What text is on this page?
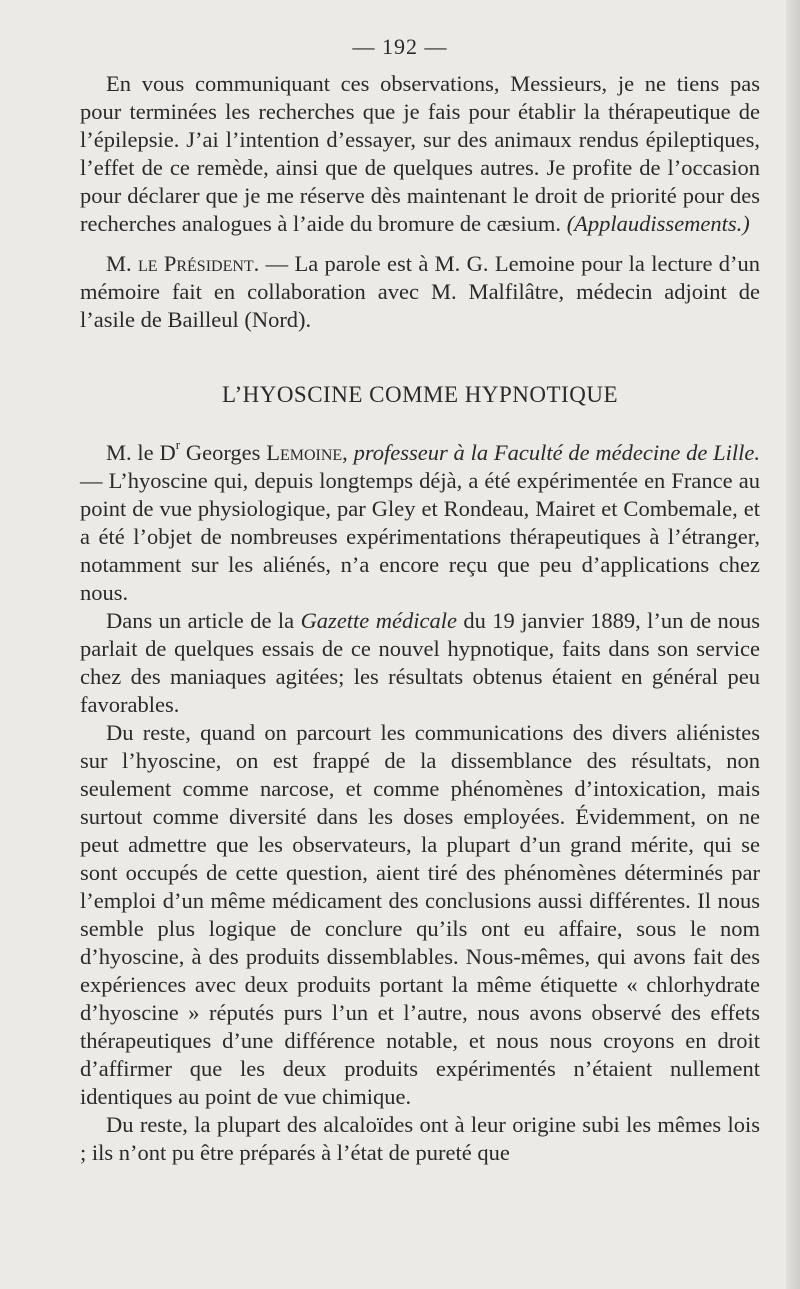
— 192 —

En vous communiquant ces observations, Messieurs, je ne tiens pas pour terminées les recherches que je fais pour établir la thérapeutique de l’épilepsie. J’ai l’intention d’essayer, sur des animaux rendus épileptiques, l’effet de ce remède, ainsi que de quelques autres. Je profite de l’occasion pour déclarer que je me réserve dès maintenant le droit de priorité pour des recherches analogues à l’aide du bromure de cæsium. (Applaudissements.)

M. le Président. — La parole est à M. G. Lemoine pour la lecture d’un mémoire fait en collaboration avec M. Malfilâtre, médecin adjoint de l’asile de Bailleul (Nord).

L’HYOSCINE COMME HYPNOTIQUE

M. le $D^r$ Georges Lemoine, professeur à la Faculté de médecine de Lille. — L’hyoscine qui, depuis longtemps déjà, a été expérimentée en France au point de vue physiologique, par Gley et Rondeau, Mairet et Combemale, et a été l’objet de nombreuses expérimentations thérapeutiques à l’étranger, notamment sur les aliénés, n’a encore reçu que peu d’applications chez nous.

Dans un article de la Gazette médicale du 19 janvier 1889, l’un de nous parlait de quelques essais de ce nouvel hypnotique, faits dans son service chez des maniaques agitées; les résultats obtenus étaient en général peu favorables.

Du reste, quand on parcourt les communications des divers aliénistes sur l’hyoscine, on est frappé de la dissemblance des résultats, non seulement comme narcose, et comme phénomènes d’intoxication, mais surtout comme diversité dans les doses employées. Évidemment, on ne peut admettre que les observateurs, la plupart d’un grand mérite, qui se sont occupés de cette question, aient tiré des phénomènes déterminés par l’emploi d’un même médicament des conclusions aussi différentes. Il nous semble plus logique de conclure qu’ils ont eu affaire, sous le nom d’hyoscine, à des produits dissemblables. Nous-mêmes, qui avons fait des expériences avec deux produits portant la même étiquette « chlorhydrate d’hyoscine » réputés purs l’un et l’autre, nous avons observé des effets thérapeutiques d’une différence notable, et nous nous croyons en droit d’affirmer que les deux produits expérimentés n’étaient nullement identiques au point de vue chimique.

Du reste, la plupart des alcaloïdes ont à leur origine subi les mêmes lois ; ils n’ont pu être préparés à l’état de pureté que
